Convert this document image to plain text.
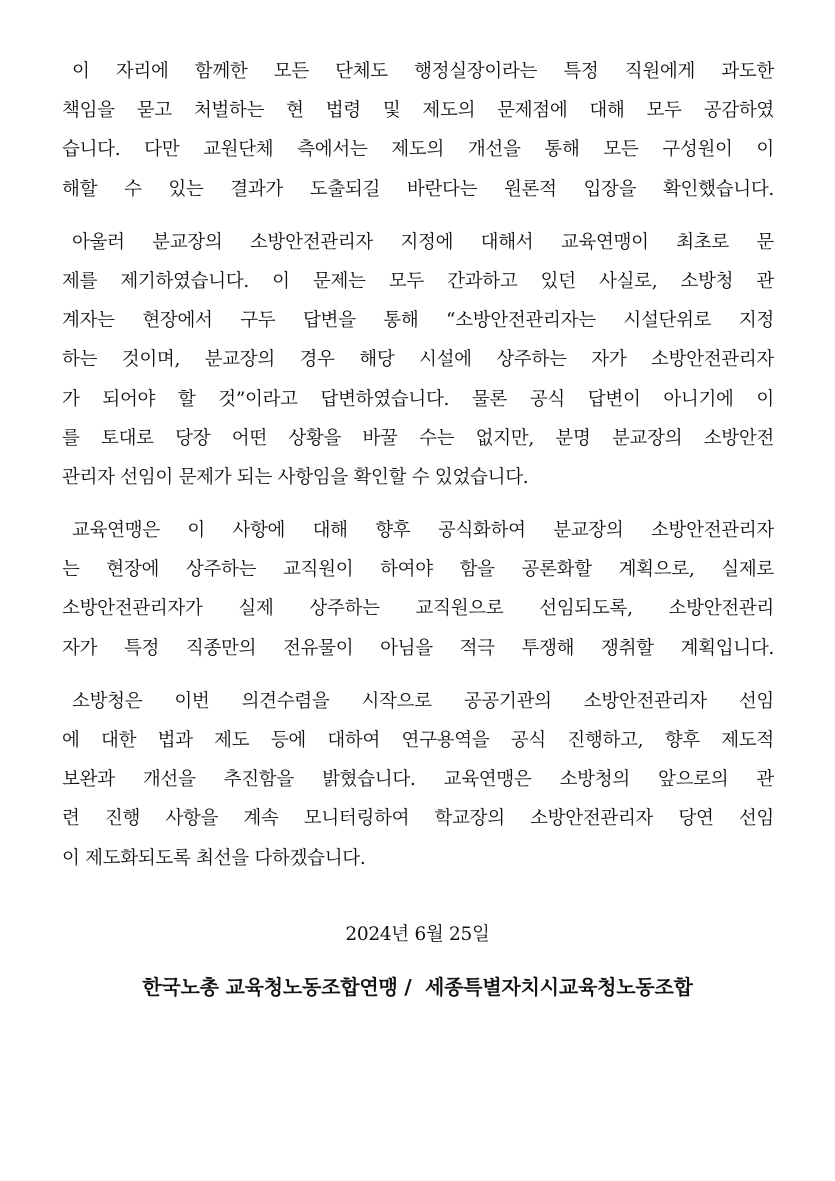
이 자리에 함께한 모든 단체도 행정실장이라는 특정 직원에게 과도한
책임을 묻고 처벌하는 현 법령 및 제도의 문제점에 대해 모두 공감하였
습니다. 다만 교원단체 측에서는 제도의 개선을 통해 모든 구성원이 이
해할 수 있는 결과가 도출되길 바란다는 원론적 입장을 확인했습니다.
아울러 분교장의 소방안전관리자 지정에 대해서 교육연맹이 최초로 문
제를 제기하였습니다. 이 문제는 모두 간과하고 있던 사실로, 소방청 관
계자는 현장에서 구두 답변을 통해 “소방안전관리자는 시설단위로 지정
하는 것이며, 분교장의 경우 해당 시설에 상주하는 자가 소방안전관리자
가 되어야 할 것”이라고 답변하였습니다. 물론 공식 답변이 아니기에 이
를 토대로 당장 어떤 상황을 바꿀 수는 없지만, 분명 분교장의 소방안전
관리자 선임이 문제가 되는 사항임을 확인할 수 있었습니다.
교육연맹은 이 사항에 대해 향후 공식화하여 분교장의 소방안전관리자
는 현장에 상주하는 교직원이 하여야 함을 공론화할 계획으로, 실제로
소방안전관리자가 실제 상주하는 교직원으로 선임되도록, 소방안전관리
자가 특정 직종만의 전유물이 아님을 적극 투쟁해 쟁취할 계획입니다.
소방청은 이번 의견수렴을 시작으로 공공기관의 소방안전관리자 선임
에 대한 법과 제도 등에 대하여 연구용역을 공식 진행하고, 향후 제도적
보완과 개선을 추진함을 밝혔습니다. 교육연맹은 소방청의 앞으로의 관
련 진행 사항을 계속 모니터링하여 학교장의 소방안전관리자 당연 선임
이 제도화되도록 최선을 다하겠습니다.
2024년 6월 25일
한국노총 교육청노동조합연맹 /  세종특별자치시교육청노동조합
